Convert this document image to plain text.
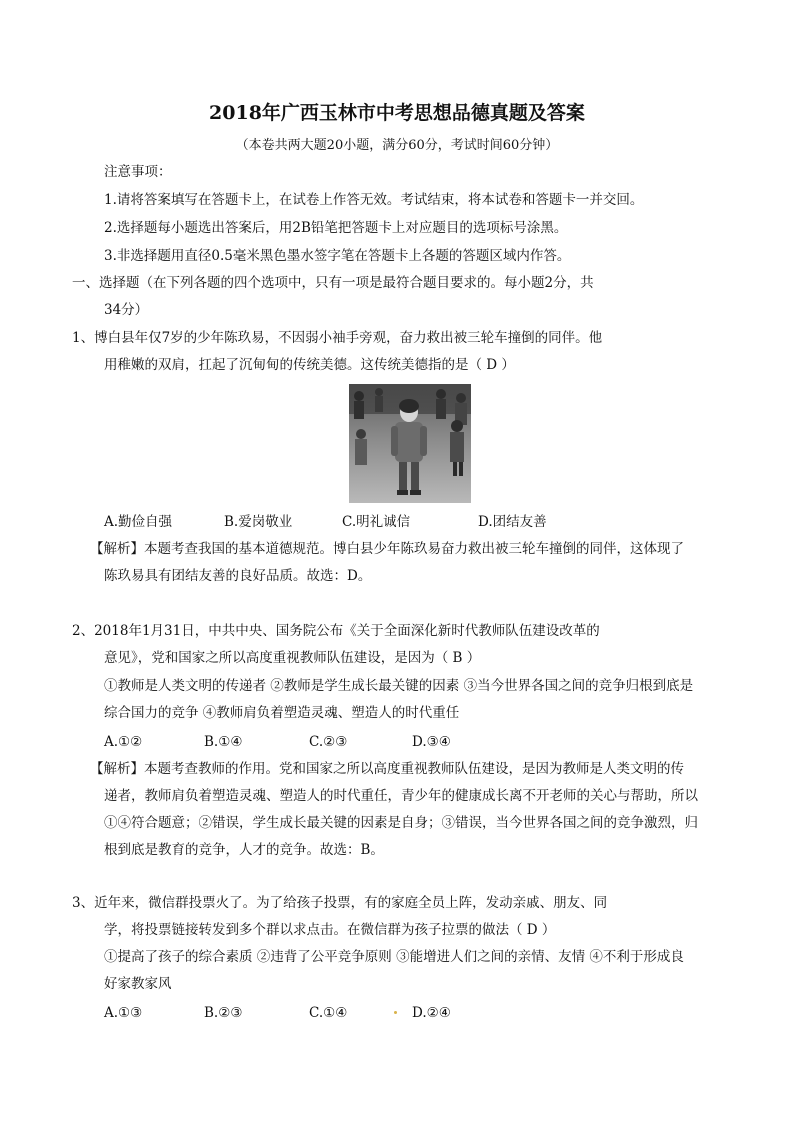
2018年广西玉林市中考思想品德真题及答案
（本卷共两大题20小题，满分60分，考试时间60分钟）
注意事项：
1.请将答案填写在答题卡上，在试卷上作答无效。考试结束，将本试卷和答题卡一并交回。
2.选择题每小题选出答案后，用2B铅笔把答题卡上对应题目的选项标号涂黑。
3.非选择题用直径0.5毫米黑色墨水签字笔在答题卡上各题的答题区域内作答。
一、选择题（在下列各题的四个选项中，只有一项是最符合题目要求的。每小题2分，共
34分）
1、博白县年仅7岁的少年陈玖易，不因弱小袖手旁观，奋力救出被三轮车撞倒的同伴。他
用稚嫩的双肩，扛起了沉甸甸的传统美德。这传统美德指的是（ D ）
A.勤俭自强	B.爱岗敬业	C.明礼诚信	D.团结友善
【解析】本题考查我国的基本道德规范。博白县少年陈玖易奋力救出被三轮车撞倒的同伴，这体现了
陈玖易具有团结友善的良好品质。故选：D。
2、2018年1月31日，中共中央、国务院公布《关于全面深化新时代教师队伍建设改革的
意见》，党和国家之所以高度重视教师队伍建设，是因为（ B ）
①教师是人类文明的传递者 ②教师是学生成长最关键的因素 ③当今世界各国之间的竞争归根到底是
综合国力的竞争 ④教师肩负着塑造灵魂、塑造人的时代重任
A.①②	B.①④	C.②③	D.③④
【解析】本题考查教师的作用。党和国家之所以高度重视教师队伍建设，是因为教师是人类文明的传
递者，教师肩负着塑造灵魂、塑造人的时代重任，青少年的健康成长离不开老师的关心与帮助，所以
①④符合题意；②错误，学生成长最关键的因素是自身；③错误，当今世界各国之间的竞争激烈，归
根到底是教育的竞争，人才的竞争。故选：B。
3、近年来，微信群投票火了。为了给孩子投票，有的家庭全员上阵，发动亲戚、朋友、同
学，将投票链接转发到多个群以求点击。在微信群为孩子拉票的做法（ D ）
①提高了孩子的综合素质 ②违背了公平竞争原则 ③能增进人们之间的亲情、友情 ④不利于形成良
好家教家风
A.①③	B.②③	C.①④	D.②④
